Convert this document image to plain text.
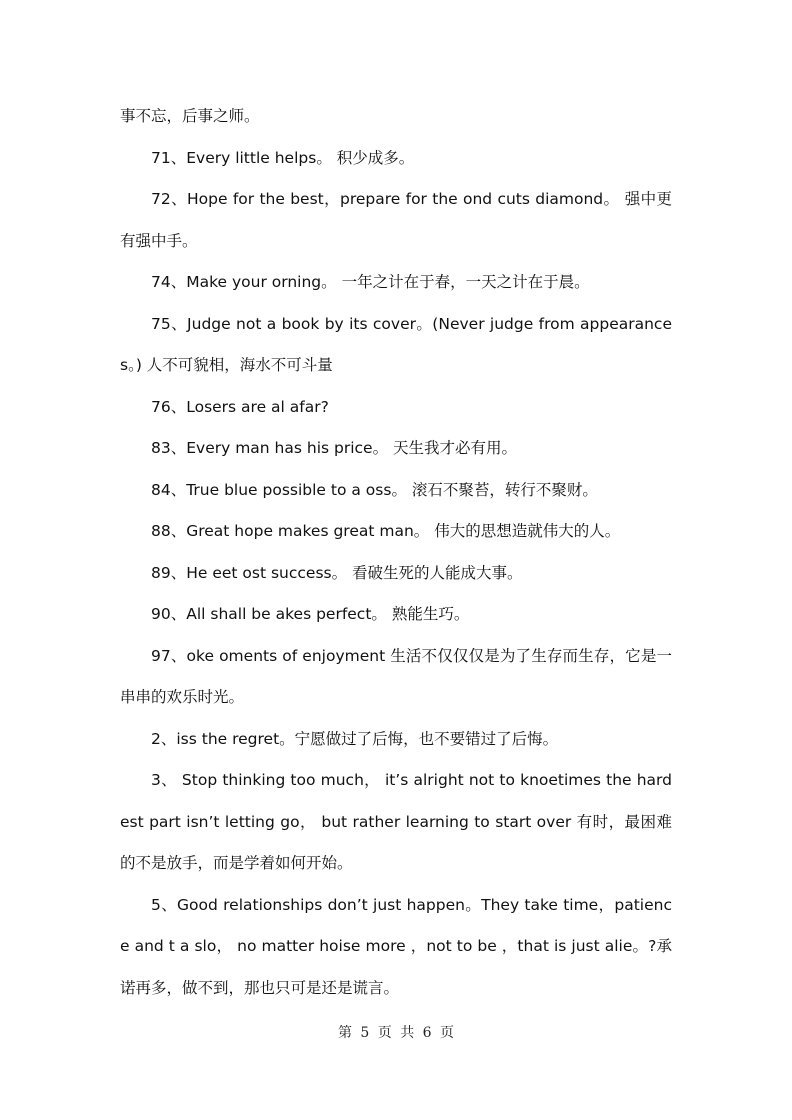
事不忘，后事之师。

71、Every little helps。 积少成多。

72、Hope for the best，prepare for the ond cuts diamond。 强中更有强中手。

74、Make your orning。 一年之计在于春，一天之计在于晨。

75、Judge not a book by its cover。(Never judge from appearances。) 人不可貌相，海水不可斗量

76、Losers are al afar?

83、Every man has his price。 天生我才必有用。

84、True blue possible to a oss。 滚石不聚苔，转行不聚财。

88、Great hope makes great man。 伟大的思想造就伟大的人。

89、He eet ost success。 看破生死的人能成大事。

90、All shall be akes perfect。 熟能生巧。

97、oke oments of enjoyment 生活不仅仅仅是为了生存而生存，它是一串串的欢乐时光。

2、iss the regret。宁愿做过了后悔，也不要错过了后悔。

3、 Stop thinking too much， it’s alright not to knoetimes the hardest part isn’t letting go， but rather learning to start over 有时，最困难的不是放手，而是学着如何开始。

5、Good relationships don’t just happen。They take time，patience and t a slo， no matter hoise more ，not to be ，that is just alie。?承诺再多，做不到，那也只可是还是谎言。

第 5 页 共 6 页
